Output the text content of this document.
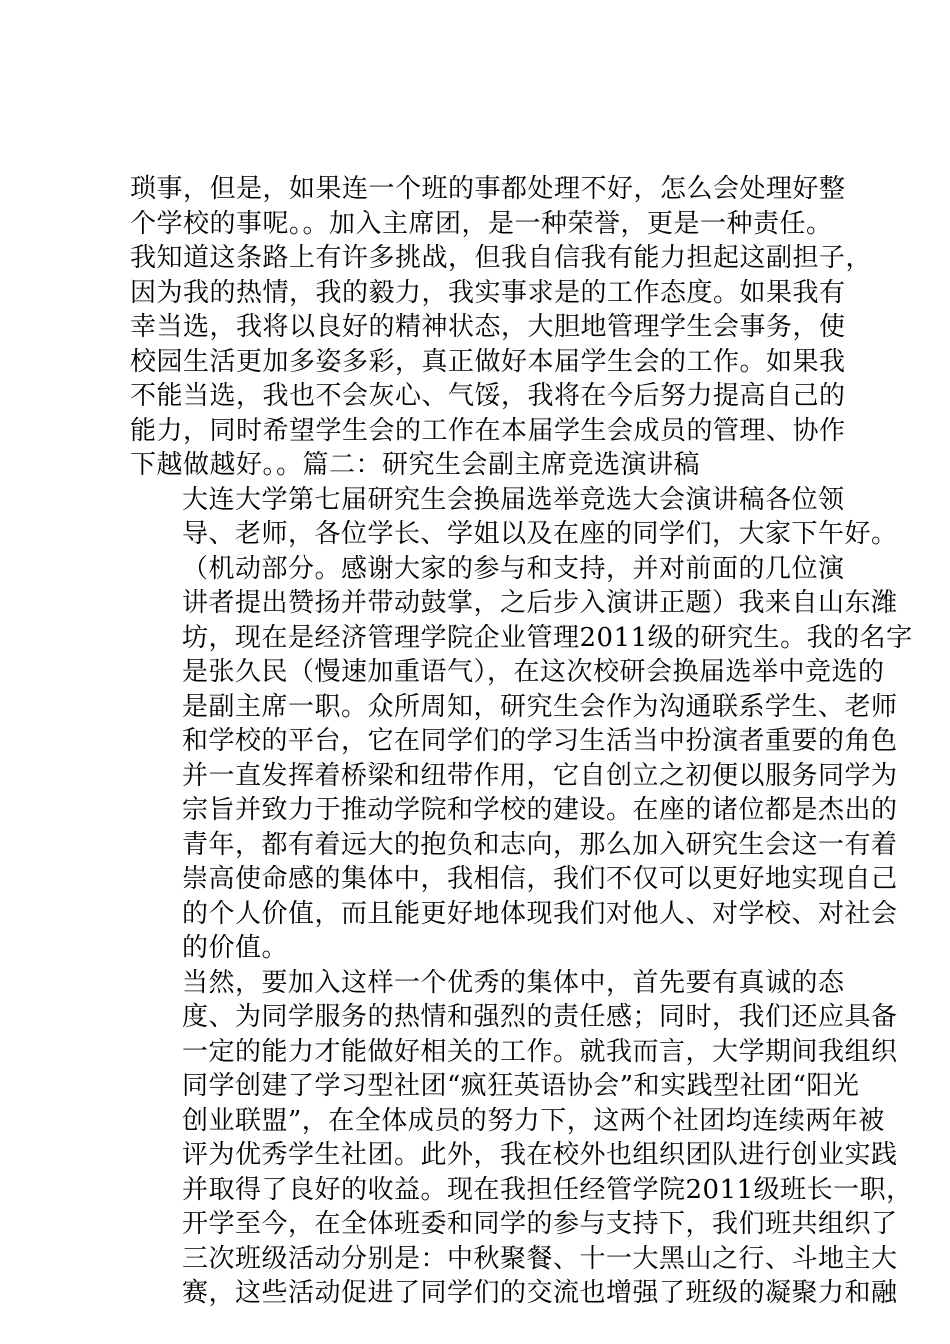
琐事，但是，如果连一个班的事都处理不好，怎么会处理好整
个学校的事呢。。加入主席团，是一种荣誉，更是一种责任。
我知道这条路上有许多挑战，但我自信我有能力担起这副担子，
因为我的热情，我的毅力，我实事求是的工作态度。如果我有
幸当选，我将以良好的精神状态，大胆地管理学生会事务，使
校园生活更加多姿多彩，真正做好本届学生会的工作。如果我
不能当选，我也不会灰心、气馁，我将在今后努力提高自己的
能力，同时希望学生会的工作在本届学生会成员的管理、协作
下越做越好。。篇二：研究生会副主席竞选演讲稿

大连大学第七届研究生会换届选举竞选大会演讲稿各位领
导、老师，各位学长、学姐以及在座的同学们，大家下午好。

（机动部分。感谢大家的参与和支持，并对前面的几位演
讲者提出赞扬并带动鼓掌，之后步入演讲正题）我来自山东潍
坊，现在是经济管理学院企业管理2011级的研究生。我的名字
是张久民（慢速加重语气），在这次校研会换届选举中竞选的
是副主席一职。众所周知，研究生会作为沟通联系学生、老师
和学校的平台，它在同学们的学习生活当中扮演者重要的角色
并一直发挥着桥梁和纽带作用，它自创立之初便以服务同学为
宗旨并致力于推动学院和学校的建设。在座的诸位都是杰出的
青年，都有着远大的抱负和志向，那么加入研究生会这一有着
崇高使命感的集体中，我相信，我们不仅可以更好地实现自己
的个人价值，而且能更好地体现我们对他人、对学校、对社会
的价值。

当然，要加入这样一个优秀的集体中，首先要有真诚的态
度、为同学服务的热情和强烈的责任感；同时，我们还应具备
一定的能力才能做好相关的工作。就我而言，大学期间我组织
同学创建了学习型社团“疯狂英语协会”和实践型社团“阳光
创业联盟”，在全体成员的努力下，这两个社团均连续两年被
评为优秀学生社团。此外，我在校外也组织团队进行创业实践
并取得了良好的收益。现在我担任经管学院2011级班长一职，
开学至今，在全体班委和同学的参与支持下，我们班共组织了
三次班级活动分别是：中秋聚餐、十一大黑山之行、斗地主大
赛，这些活动促进了同学们的交流也增强了班级的凝聚力和融
